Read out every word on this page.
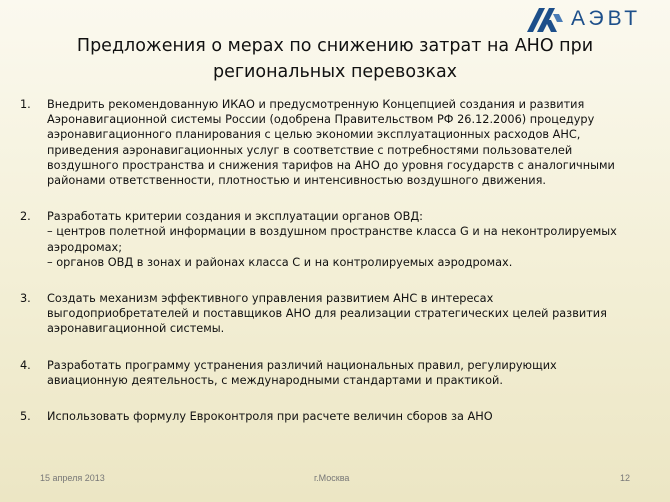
АЭВТ
Предложения о мерах по снижению затрат на АНО при
региональных перевозках
1. Внедрить рекомендованную ИКАО и предусмотренную Концепцией создания и развития
Аэронавигационной системы России (одобрена Правительством РФ 26.12.2006) процедуру
аэронавигационного планирования с целью экономии эксплуатационных расходов АНС,
приведения аэронавигационных услуг в соответствие с потребностями пользователей
воздушного пространства и снижения тарифов на АНО до уровня государств с аналогичными
районами ответственности, плотностью и интенсивностью воздушного движения.
2. Разработать критерии создания и эксплуатации органов ОВД:
– центров полетной информации в воздушном пространстве класса G и на неконтролируемых
аэродромах;
– органов ОВД в зонах и районах класса С и на контролируемых аэродромах.
3. Создать механизм эффективного управления развитием АНС в интересах
выгодоприобретателей и поставщиков АНО для реализации стратегических целей развития
аэронавигационной системы.
4. Разработать программу устранения различий национальных правил, регулирующих
авиационную деятельность, с международными стандартами и практикой.
5. Использовать формулу Евроконтроля при расчете величин сборов за АНО
15 апреля 2013	г.Москва	12
